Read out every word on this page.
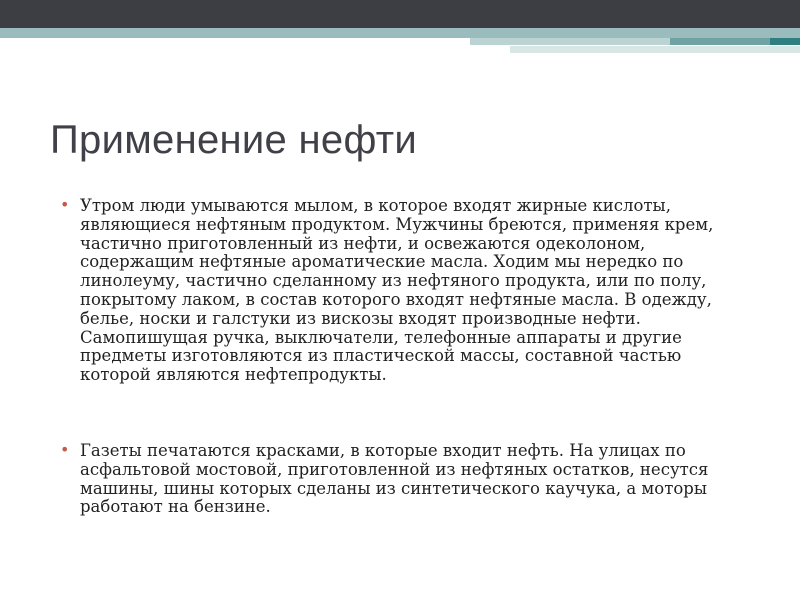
Применение нефти

• Утром люди умываются мылом, в которое входят жирные кислоты, являющиеся нефтяным продуктом. Мужчины бреются, применяя крем, частично приготовленный из нефти, и освежаются одеколоном, содержащим нефтяные ароматические масла. Ходим мы нередко по линолеуму, частично сделанному из нефтяного продукта, или по полу, покрытому лаком, в состав которого входят нефтяные масла. В одежду, белье, носки и галстуки из вискозы входят производные нефти. Самопишущая ручка, выключатели, телефонные аппараты и другие предметы изготовляются из пластической массы, составной частью которой являются нефтепродукты.

• Газеты печатаются красками, в которые входит нефть. На улицах по асфальтовой мостовой, приготовленной из нефтяных остатков, несутся машины, шины которых сделаны из синтетического каучука, а моторы работают на бензине.
